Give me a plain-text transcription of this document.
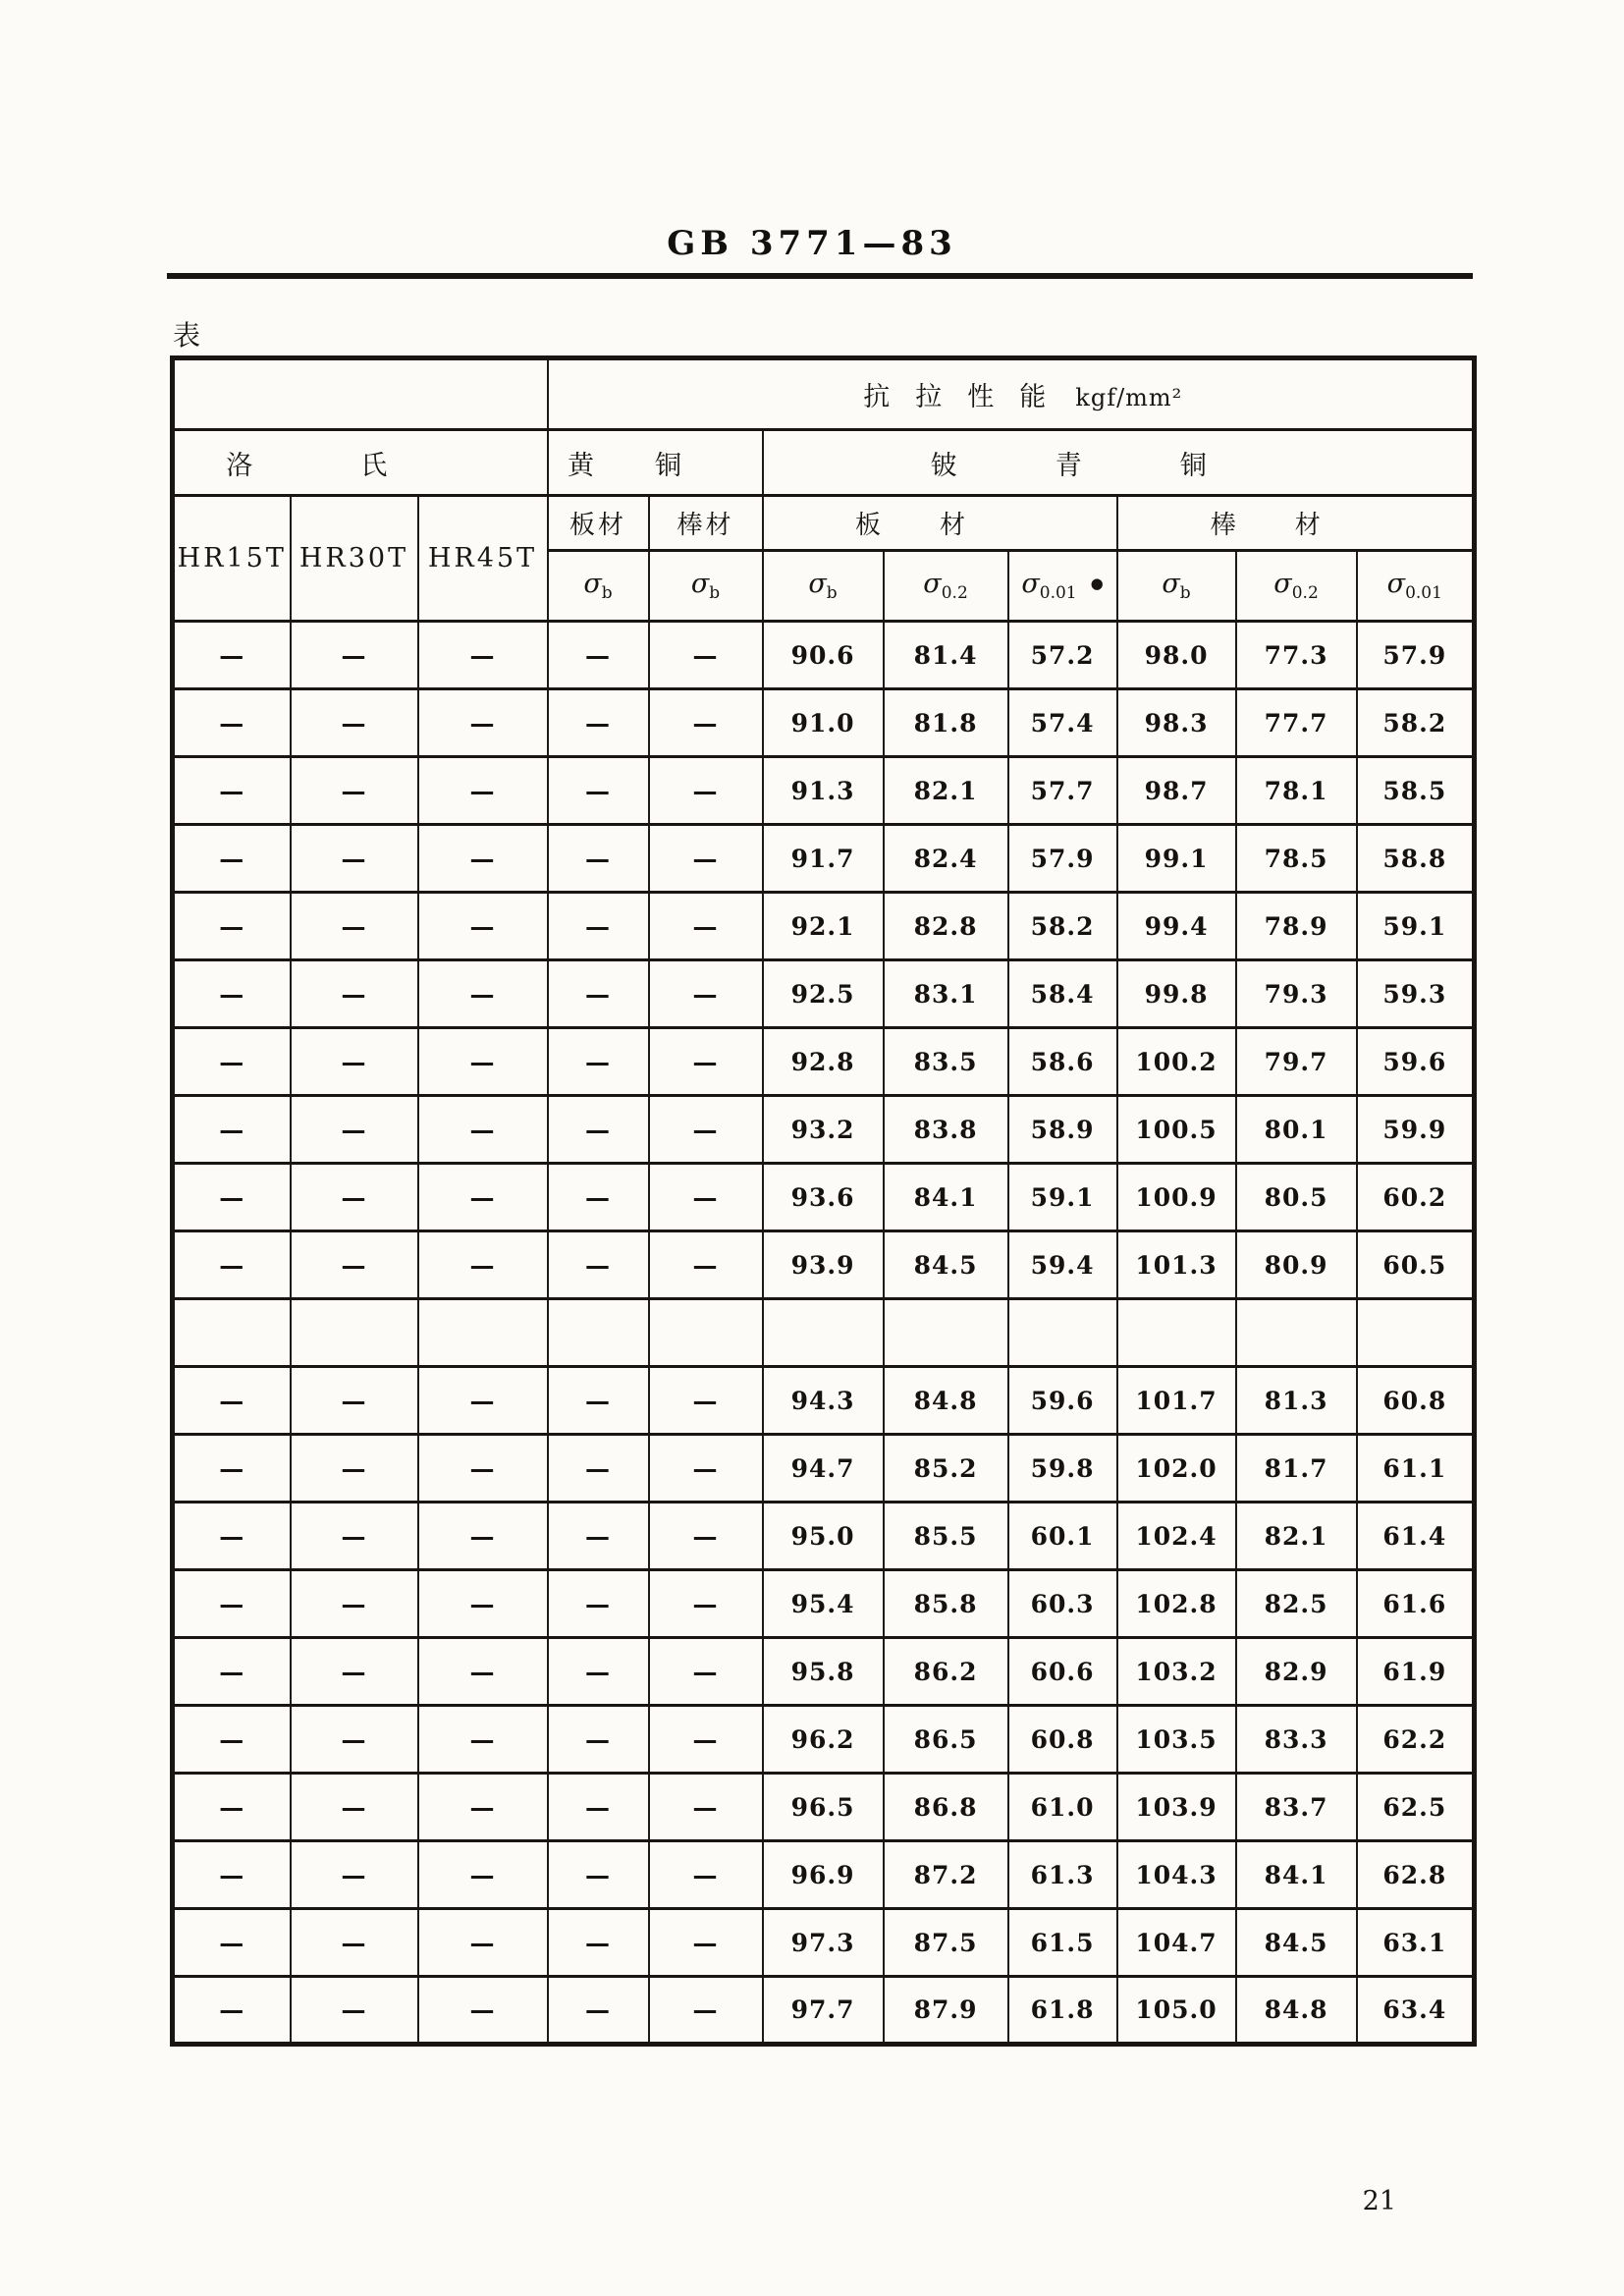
GB 3771—83
表
			抗拉性能 kgf/mm²							
洛氏			黄铜		铍青铜					
HR15T	HR30T	HR45T	板材	棒材	板材			棒材		
			$\sigma_b$	$\sigma_b$	$\sigma_b$	$\sigma_{0.2}$	$\sigma_{0.01}●$	$\sigma_b$	$\sigma_{0.2}$	$\sigma_{0.01}$
—	—	—	—	—	90.6	81.4	57.2	98.0	77.3	57.9
—	—	—	—	—	91.0	81.8	57.4	98.3	77.7	58.2
—	—	—	—	—	91.3	82.1	57.7	98.7	78.1	58.5
—	—	—	—	—	91.7	82.4	57.9	99.1	78.5	58.8
—	—	—	—	—	92.1	82.8	58.2	99.4	78.9	59.1
—	—	—	—	—	92.5	83.1	58.4	99.8	79.3	59.3
—	—	—	—	—	92.8	83.5	58.6	100.2	79.7	59.6
—	—	—	—	—	93.2	83.8	58.9	100.5	80.1	59.9
—	—	—	—	—	93.6	84.1	59.1	100.9	80.5	60.2
—	—	—	—	—	93.9	84.5	59.4	101.3	80.9	60.5

—	—	—	—	—	94.3	84.8	59.6	101.7	81.3	60.8
—	—	—	—	—	94.7	85.2	59.8	102.0	81.7	61.1
—	—	—	—	—	95.0	85.5	60.1	102.4	82.1	61.4
—	—	—	—	—	95.4	85.8	60.3	102.8	82.5	61.6
—	—	—	—	—	95.8	86.2	60.6	103.2	82.9	61.9
—	—	—	—	—	96.2	86.5	60.8	103.5	83.3	62.2
—	—	—	—	—	96.5	86.8	61.0	103.9	83.7	62.5
—	—	—	—	—	96.9	87.2	61.3	104.3	84.1	62.8
—	—	—	—	—	97.3	87.5	61.5	104.7	84.5	63.1
—	—	—	—	—	97.7	87.9	61.8	105.0	84.8	63.4
21
